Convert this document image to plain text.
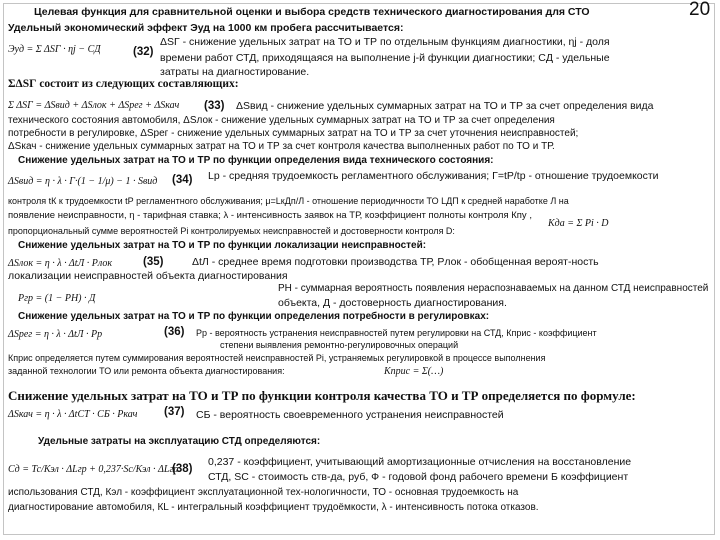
Целевая функция для сравнительной оценки и выбора средств технического диагностирования для СТО	20
Удельный экономический эффект Эуд на 1000 км пробега рассчитывается:
Эуд = Σ ΔSГ · ηj − CД	(32)
ΔSГ - снижение удельных затрат на ТО и ТР по отдельным функциям диагностики, ηj - доля
времени работ СТД, приходящаяся на выполнение j-й функции диагностики; CД - удельные
затраты на диагностирование.
ΣΔSГ состоит из следующих составляющих:
Σ ΔSГ = ΔSвид + ΔSлок + ΔSрег + ΔSкач (33) ΔSвид - снижение удельных суммарных затрат на ТО и ТР за счет определения вида
технического состояния автомобиля, ΔSлок - снижение удельных суммарных затрат на ТО и ТР за счет определения
потребности в регулировке, ΔSрег - снижение удельных суммарных затрат на ТО и ТР за счет уточнения неисправностей;
ΔSкач - снижение удельных суммарных затрат на ТО и ТР за счет контроля качества выполненных работ по ТО и ТР.
Снижение удельных затрат на ТО и ТР по функции определения вида технического состояния:
ΔSвид = η · λ · Г·(1 − 1/μ) − 1 · Sвид (34) Lр - средняя трудоемкость регламентного обслуживания; Г=tР/tр - отношение трудоемкости
контроля tК к трудоемкости tР регламентного обслуживания; μ=LкДп/Л - отношение периодичности ТО LДП к средней наработке Л на
появление неисправности, η - тарифная ставка; λ - интенсивность заявок на ТР, коэффициент полноты контроля Кпу ,
пропорциональный сумме вероятностей Pi контролируемых неисправностей и достоверности контроля D:
Кда = Σ Pi · D
Снижение удельных затрат на ТО и ТР по функции локализации неисправностей:
ΔSлок = η · λ · ΔtЛ · Pлок	(35)	ΔtЛ - среднее время подготовки производства ТР, Pлок - обобщенная вероят-ность
локализации неисправностей объекта диагностирования
PН - суммарная вероятность появления нераспознаваемых на данном СТД неисправностей
Pгр = (1 − PН) · Д	объекта, Д - достоверность диагностирования.
Снижение удельных затрат на ТО и ТР по функции определения потребности в регулировках:
ΔSрег = η · λ · ΔtЛ · Pр	(36) Pр - вероятность устранения неисправностей путем регулировки на СТД, Кприс - коэффициент
степени выявления ремонтно-регулировочных операций
Кприс определяется путем суммирования вероятностей неисправностей Pi, устраняемых регулировкой в процессе выполнения
заданной технологии ТО или ремонта объекта диагностирования:	Кприс = Σ(…)
Снижение удельных затрат на ТО и ТР по функции контроля качества ТО и ТР определяется по формуле:
ΔSкач = η · λ · ΔtСТ · CБ · Pкач (37) CБ - вероятность своевременного устранения неисправностей
Удельные затраты на эксплуатацию СТД определяются:
Сд = Тс/Кэл · ΔLгр + 0,237·Sс/Кэл · ΔLгр
(38)
0,237 - коэффициент, учитывающий амортизационные отчисления на восстановление
СТД, SC - стоимость ств-да, руб, Ф - годовой фонд рабочего времени Б коэффициент
использования СТД, Кэл - коэффициент эксплуатационной тех-нологичности, ТО - основная трудоемкость на
диагностирование автомобиля, КL - интегральный коэффициент трудоёмкости, λ - интенсивность потока отказов.
